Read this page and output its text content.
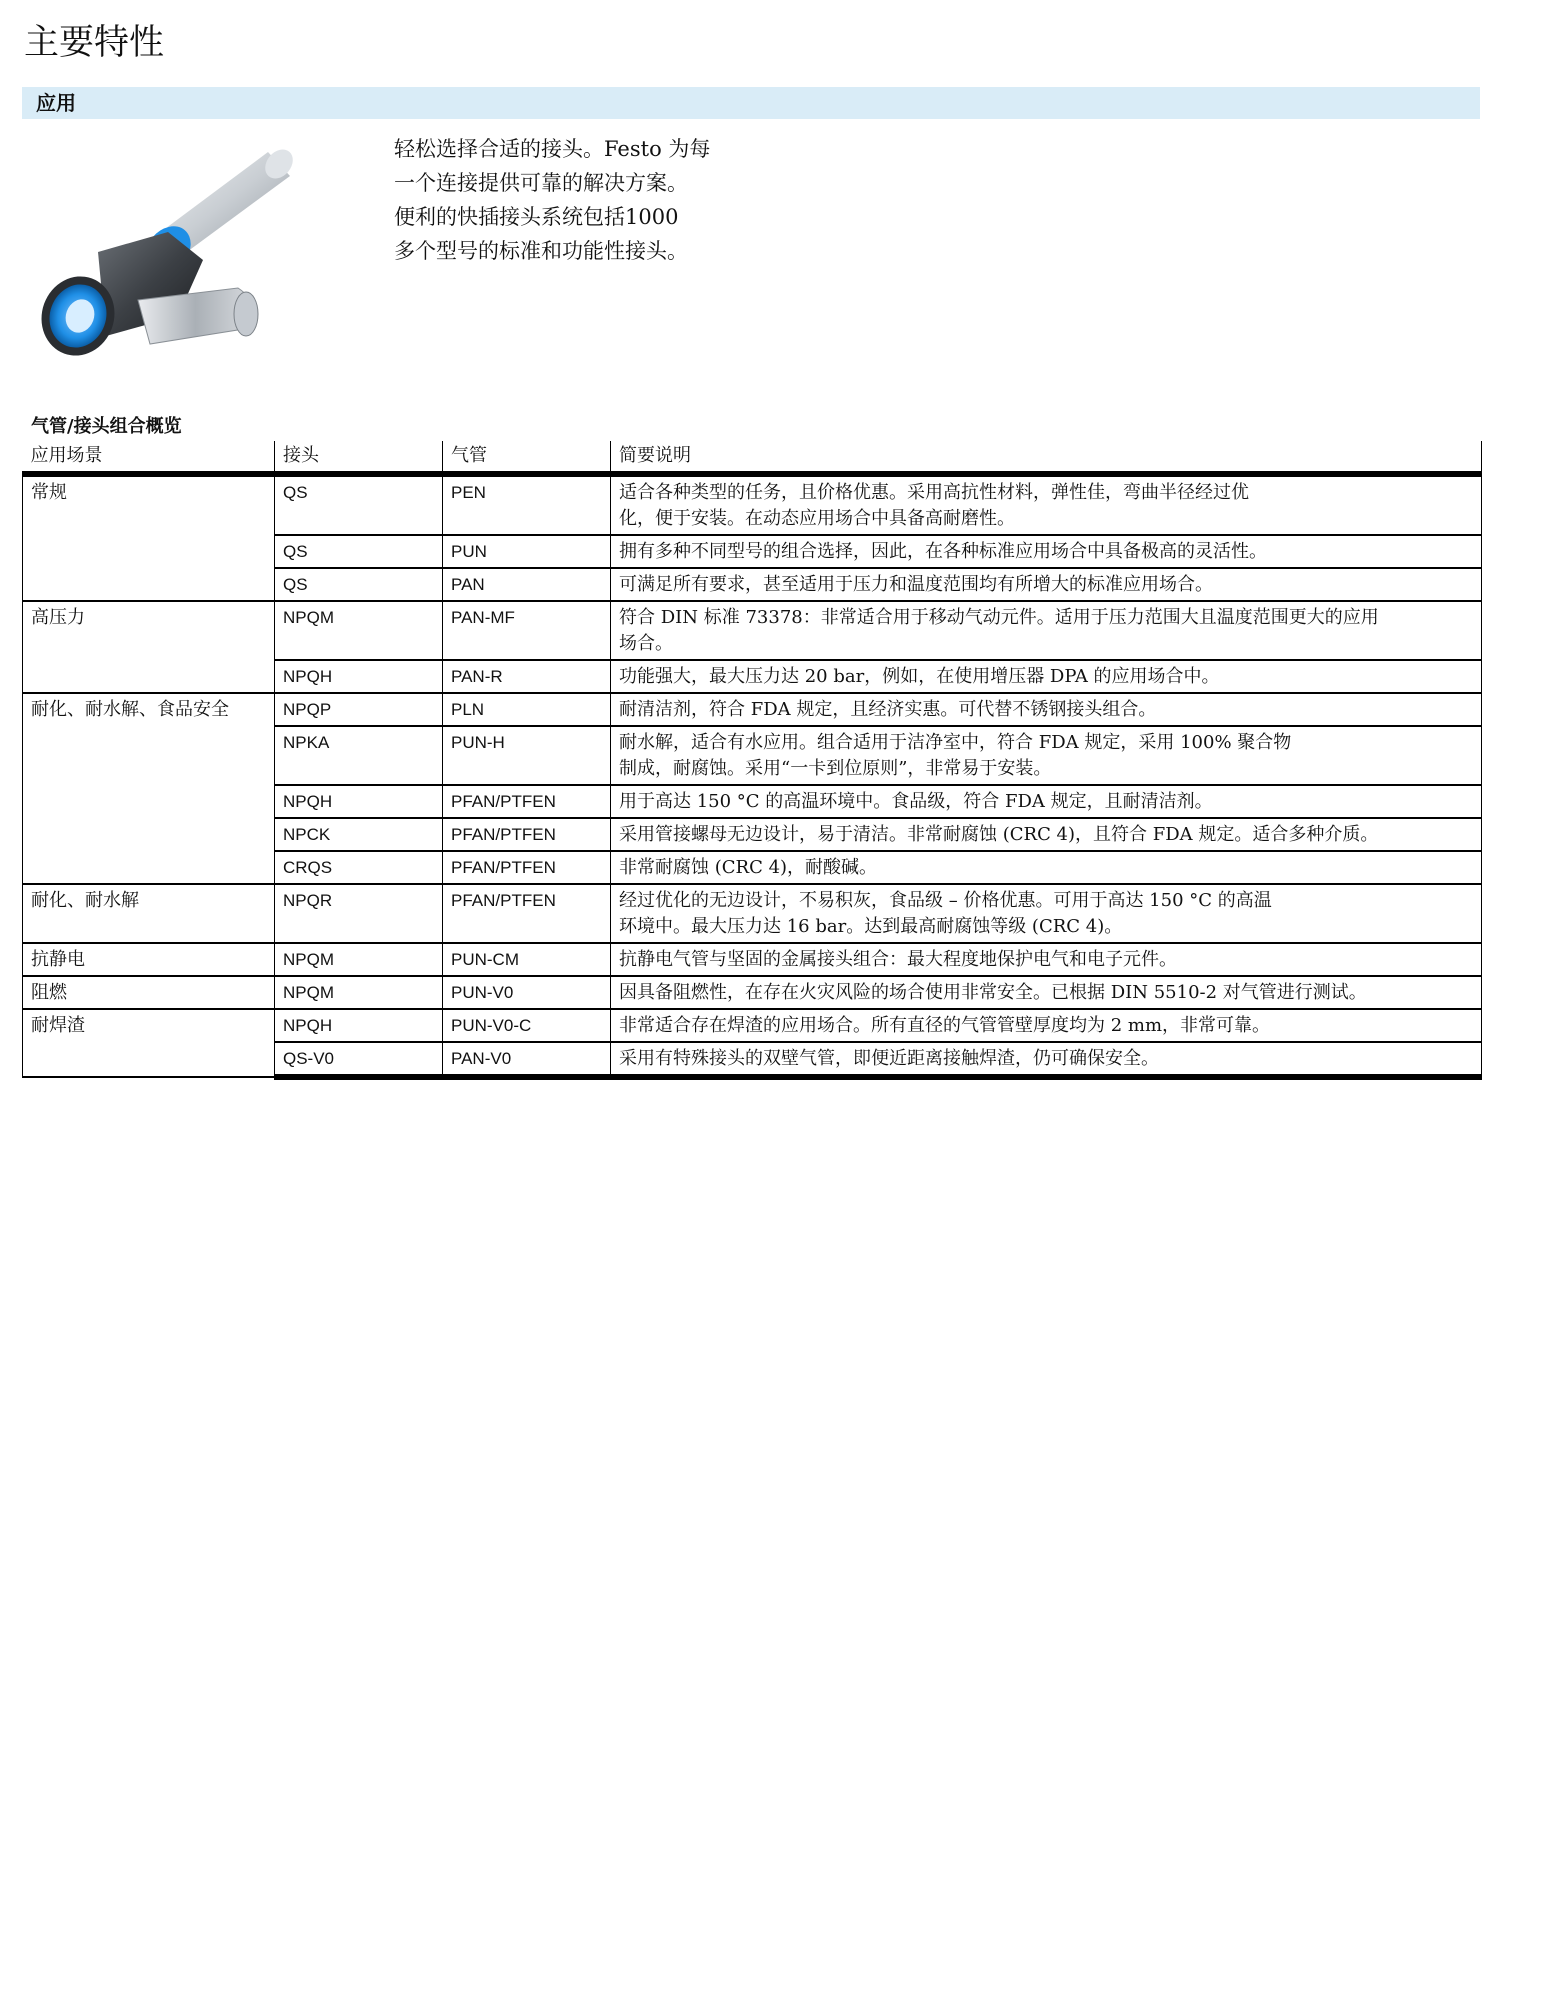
主要特性
应用

轻松选择合适的接头。Festo 为每

一个连接提供可靠的解决方案。

便利的快插接头系统包括1000

多个型号的标准和功能性接头。

气管/接头组合概览
应用场景	接头	气管	简要说明
常规	QS	PEN	适合各种类型的任务，且价格优惠。采用高抗性材料，弹性佳，弯曲半径经过优
化，便于安装。在动态应用场合中具备高耐磨性。

	QS	PUN	拥有多种不同型号的组合选择，因此，在各种标准应用场合中具备极高的灵活性。

	QS	PAN	可满足所有要求，甚至适用于压力和温度范围均有所增大的标准应用场合。

高压力	NPQM	PAN-MF	符合 DIN 标准 73378：非常适合用于移动气动元件。适用于压力范围大且温度范围更大的应用
场合。

	NPQH	PAN-R	功能强大，最大压力达 20 bar，例如，在使用增压器 DPA 的应用场合中。

耐化、耐水解、食品安全	NPQP	PLN	耐清洁剂，符合 FDA 规定，且经济实惠。可代替不锈钢接头组合。

	NPKA	PUN-H	耐水解，适合有水应用。组合适用于洁净室中，符合 FDA 规定，采用 100% 聚合物
制成，耐腐蚀。采用“一卡到位原则”，非常易于安装。

	NPQH	PFAN/PTFEN	用于高达 150 °C 的高温环境中。食品级，符合 FDA 规定，且耐清洁剂。

	NPCK	PFAN/PTFEN	采用管接螺母无边设计，易于清洁。非常耐腐蚀 (CRC 4)，且符合 FDA 规定。适合多种介质。

	CRQS	PFAN/PTFEN	非常耐腐蚀 (CRC 4)，耐酸碱。

耐化、耐水解	NPQR	PFAN/PTFEN	经过优化的无边设计，不易积灰，食品级 – 价格优惠。可用于高达 150 °C 的高温
环境中。最大压力达 16 bar。达到最高耐腐蚀等级 (CRC 4)。

抗静电	NPQM	PUN-CM	抗静电气管与坚固的金属接头组合：最大程度地保护电气和电子元件。

阻燃	NPQM	PUN-V0	因具备阻燃性，在存在火灾风险的场合使用非常安全。已根据 DIN 5510-2 对气管进行测试。

耐焊渣	NPQH	PUN-V0-C	非常适合存在焊渣的应用场合。所有直径的气管管壁厚度均为 2 mm，非常可靠。

	QS-V0	PAN-V0	采用有特殊接头的双壁气管，即便近距离接触焊渣，仍可确保安全。
